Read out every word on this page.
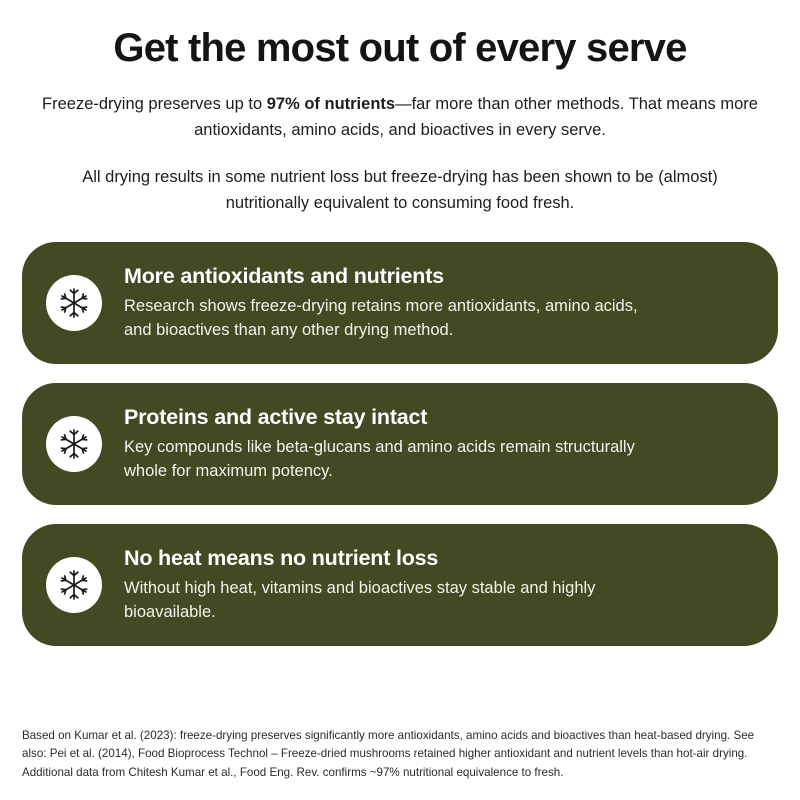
Get the most out of every serve

Freeze-drying preserves up to 97% of nutrients—far more than other methods. That means more antioxidants, amino acids, and bioactives in every serve.

All drying results in some nutrient loss but freeze-drying has been shown to be (almost) nutritionally equivalent to consuming food fresh.

More antioxidants and nutrients
Research shows freeze-drying retains more antioxidants, amino acids, and bioactives than any other drying method.
Proteins and active stay intact
Key compounds like beta-glucans and amino acids remain structurally whole for maximum potency.
No heat means no nutrient loss
Without high heat, vitamins and bioactives stay stable and highly bioavailable.
Based on Kumar et al. (2023): freeze-drying preserves significantly more antioxidants, amino acids and bioactives than heat-based drying. See also: Pei et al. (2014), Food Bioprocess Technol – Freeze-dried mushrooms retained higher antioxidant and nutrient levels than hot-air drying. Additional data from Chitesh Kumar et al., Food Eng. Rev. confirms ~97% nutritional equivalence to fresh.
